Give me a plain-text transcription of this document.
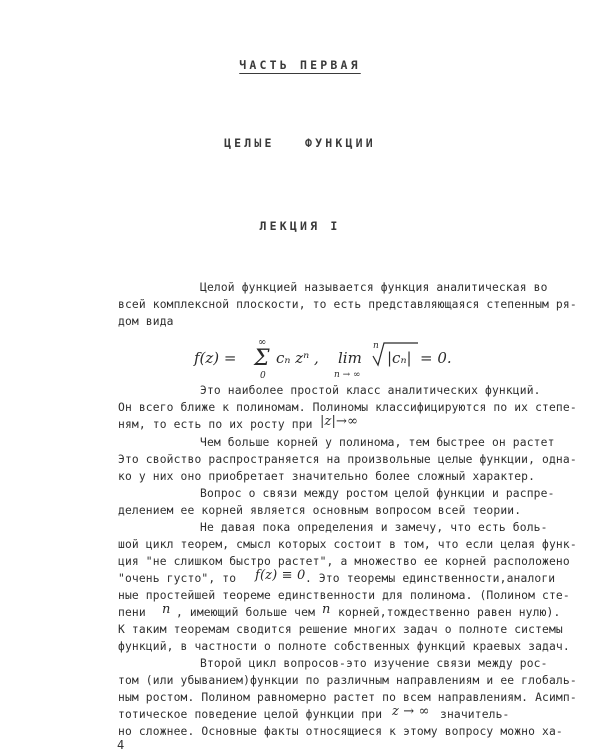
ЧАСТЬ ПЕРВАЯ
ЦЕЛЫЕ   ФУНКЦИИ
ЛЕКЦИЯ I
Целой функцией называется функция аналитическая во
всей комплексной плоскости, то есть представляющаяся степенным ря-
дом вида
f(z) = Σ
∞
0
cₙ zⁿ , lim
n → ∞
n
|cₙ| = 0.
Это наиболее простой класс аналитических функций.
Он всего ближе к полиномам. Полиномы классифицируются по их степе-
ням, то есть по их росту при |z|→∞
Чем больше корней у полинома, тем быстрее он растет
Это свойство распространяется на произвольные целые функции, одна-
ко у них оно приобретает значительно более сложный характер.
Вопрос о связи между ростом целой функции и распре-
делением ее корней является основным вопросом всей теории.
Не давая пока определения и замечу, что есть боль-
шой цикл теорем, смысл которых состоит в том, что если целая функ-
ция "не слишком быстро растет", а множество ее корней расположено
"очень густо", то f(z) ≡ 0 . Это теоремы единственности,аналоги
ные простейшей теореме единственности для полинома. (Полином сте-
пени n , имеющий больше чем n корней,тождественно равен нулю).
К таким теоремам сводится решение многих задач о полноте системы
функций, в частности о полноте собственных функций краевых задач.
Второй цикл вопросов-это изучение связи между рос-
том (или убыванием)функции по различным направлениям и ее глобаль-
ным ростом. Полином равномерно растет по всем направлениям. Асимп-
тотическое поведение целой функции при z → ∞ значитель-
но сложнее. Основные факты относящиеся к этому вопросу можно ха-
4
